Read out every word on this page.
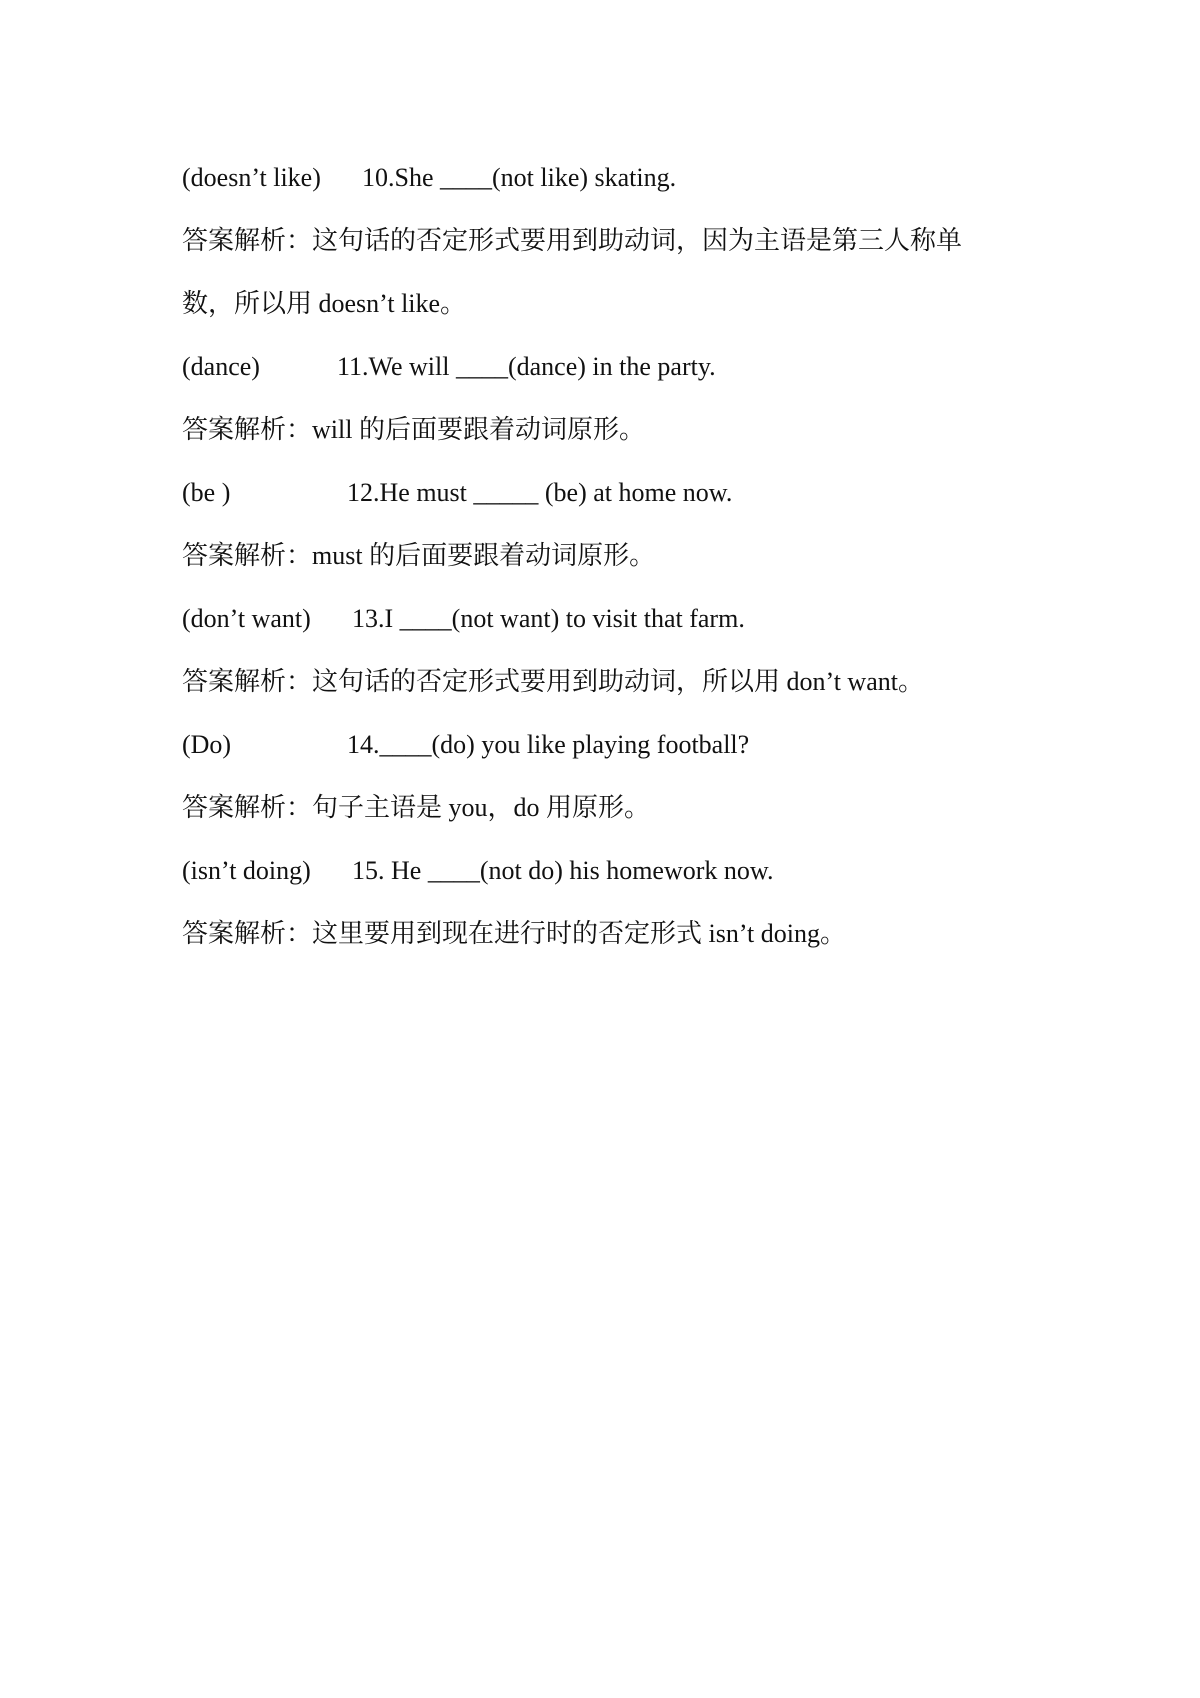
(doesn’t like)	10.She ____(not like) skating.
答案解析：这句话的否定形式要用到助动词，因为主语是第三人称单
数，所以用 doesn’t like。
(dance)	11.We will ____(dance) in the party.
答案解析：will 的后面要跟着动词原形。
(be )	12.He must _____ (be) at home now.
答案解析：must 的后面要跟着动词原形。
(don’t want)	13.I ____(not want) to visit that farm.
答案解析：这句话的否定形式要用到助动词，所以用 don’t want。
(Do)	14.____(do) you like playing football?
答案解析：句子主语是 you，do 用原形。
(isn’t doing)	15. He ____(not do) his homework now.
答案解析：这里要用到现在进行时的否定形式 isn’t doing。
